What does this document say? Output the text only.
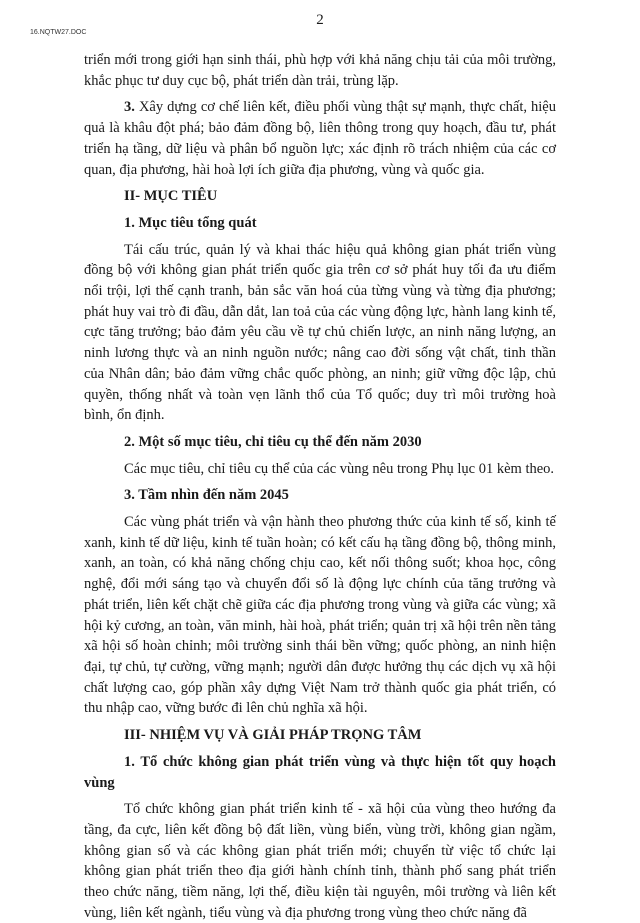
16.NQTW27.DOC
2

triển mới trong giới hạn sinh thái, phù hợp với khả năng chịu tải của môi trường, khắc phục tư duy cục bộ, phát triển dàn trải, trùng lặp.

3. Xây dựng cơ chế liên kết, điều phối vùng thật sự mạnh, thực chất, hiệu quả là khâu đột phá; bảo đảm đồng bộ, liên thông trong quy hoạch, đầu tư, phát triển hạ tầng, dữ liệu và phân bổ nguồn lực; xác định rõ trách nhiệm của các cơ quan, địa phương, hài hoà lợi ích giữa địa phương, vùng và quốc gia.

II- MỤC TIÊU

1. Mục tiêu tổng quát

Tái cấu trúc, quản lý và khai thác hiệu quả không gian phát triển vùng đồng bộ với không gian phát triển quốc gia trên cơ sở phát huy tối đa ưu điểm nổi trội, lợi thế cạnh tranh, bản sắc văn hoá của từng vùng và từng địa phương; phát huy vai trò đi đầu, dẫn dắt, lan toả của các vùng động lực, hành lang kinh tế, cực tăng trưởng; bảo đảm yêu cầu về tự chủ chiến lược, an ninh năng lượng, an ninh lương thực và an ninh nguồn nước; nâng cao đời sống vật chất, tinh thần của Nhân dân; bảo đảm vững chắc quốc phòng, an ninh; giữ vững độc lập, chủ quyền, thống nhất và toàn vẹn lãnh thổ của Tổ quốc; duy trì môi trường hoà bình, ổn định.

2. Một số mục tiêu, chỉ tiêu cụ thể đến năm 2030

Các mục tiêu, chỉ tiêu cụ thể của các vùng nêu trong Phụ lục 01 kèm theo.

3. Tầm nhìn đến năm 2045

Các vùng phát triển và vận hành theo phương thức của kinh tế số, kinh tế xanh, kinh tế dữ liệu, kinh tế tuần hoàn; có kết cấu hạ tầng đồng bộ, thông minh, xanh, an toàn, có khả năng chống chịu cao, kết nối thông suốt; khoa học, công nghệ, đổi mới sáng tạo và chuyển đổi số là động lực chính của tăng trưởng và phát triển, liên kết chặt chẽ giữa các địa phương trong vùng và giữa các vùng; xã hội kỷ cương, an toàn, văn minh, hài hoà, phát triển; quản trị xã hội trên nền tảng xã hội số hoàn chỉnh; môi trường sinh thái bền vững; quốc phòng, an ninh hiện đại, tự chủ, tự cường, vững mạnh; người dân được hưởng thụ các dịch vụ xã hội chất lượng cao, góp phần xây dựng Việt Nam trở thành quốc gia phát triển, có thu nhập cao, vững bước đi lên chủ nghĩa xã hội.

III- NHIỆM VỤ VÀ GIẢI PHÁP TRỌNG TÂM

1. Tổ chức không gian phát triển vùng và thực hiện tốt quy hoạch vùng

Tổ chức không gian phát triển kinh tế - xã hội của vùng theo hướng đa tầng, đa cực, liên kết đồng bộ đất liền, vùng biển, vùng trời, không gian ngầm, không gian số và các không gian phát triển mới; chuyển từ việc tổ chức lại không gian phát triển theo địa giới hành chính tỉnh, thành phố sang phát triển theo chức năng, tiềm năng, lợi thế, điều kiện tài nguyên, môi trường và liên kết vùng, liên kết ngành, tiểu vùng và địa phương trong vùng theo chức năng đã
